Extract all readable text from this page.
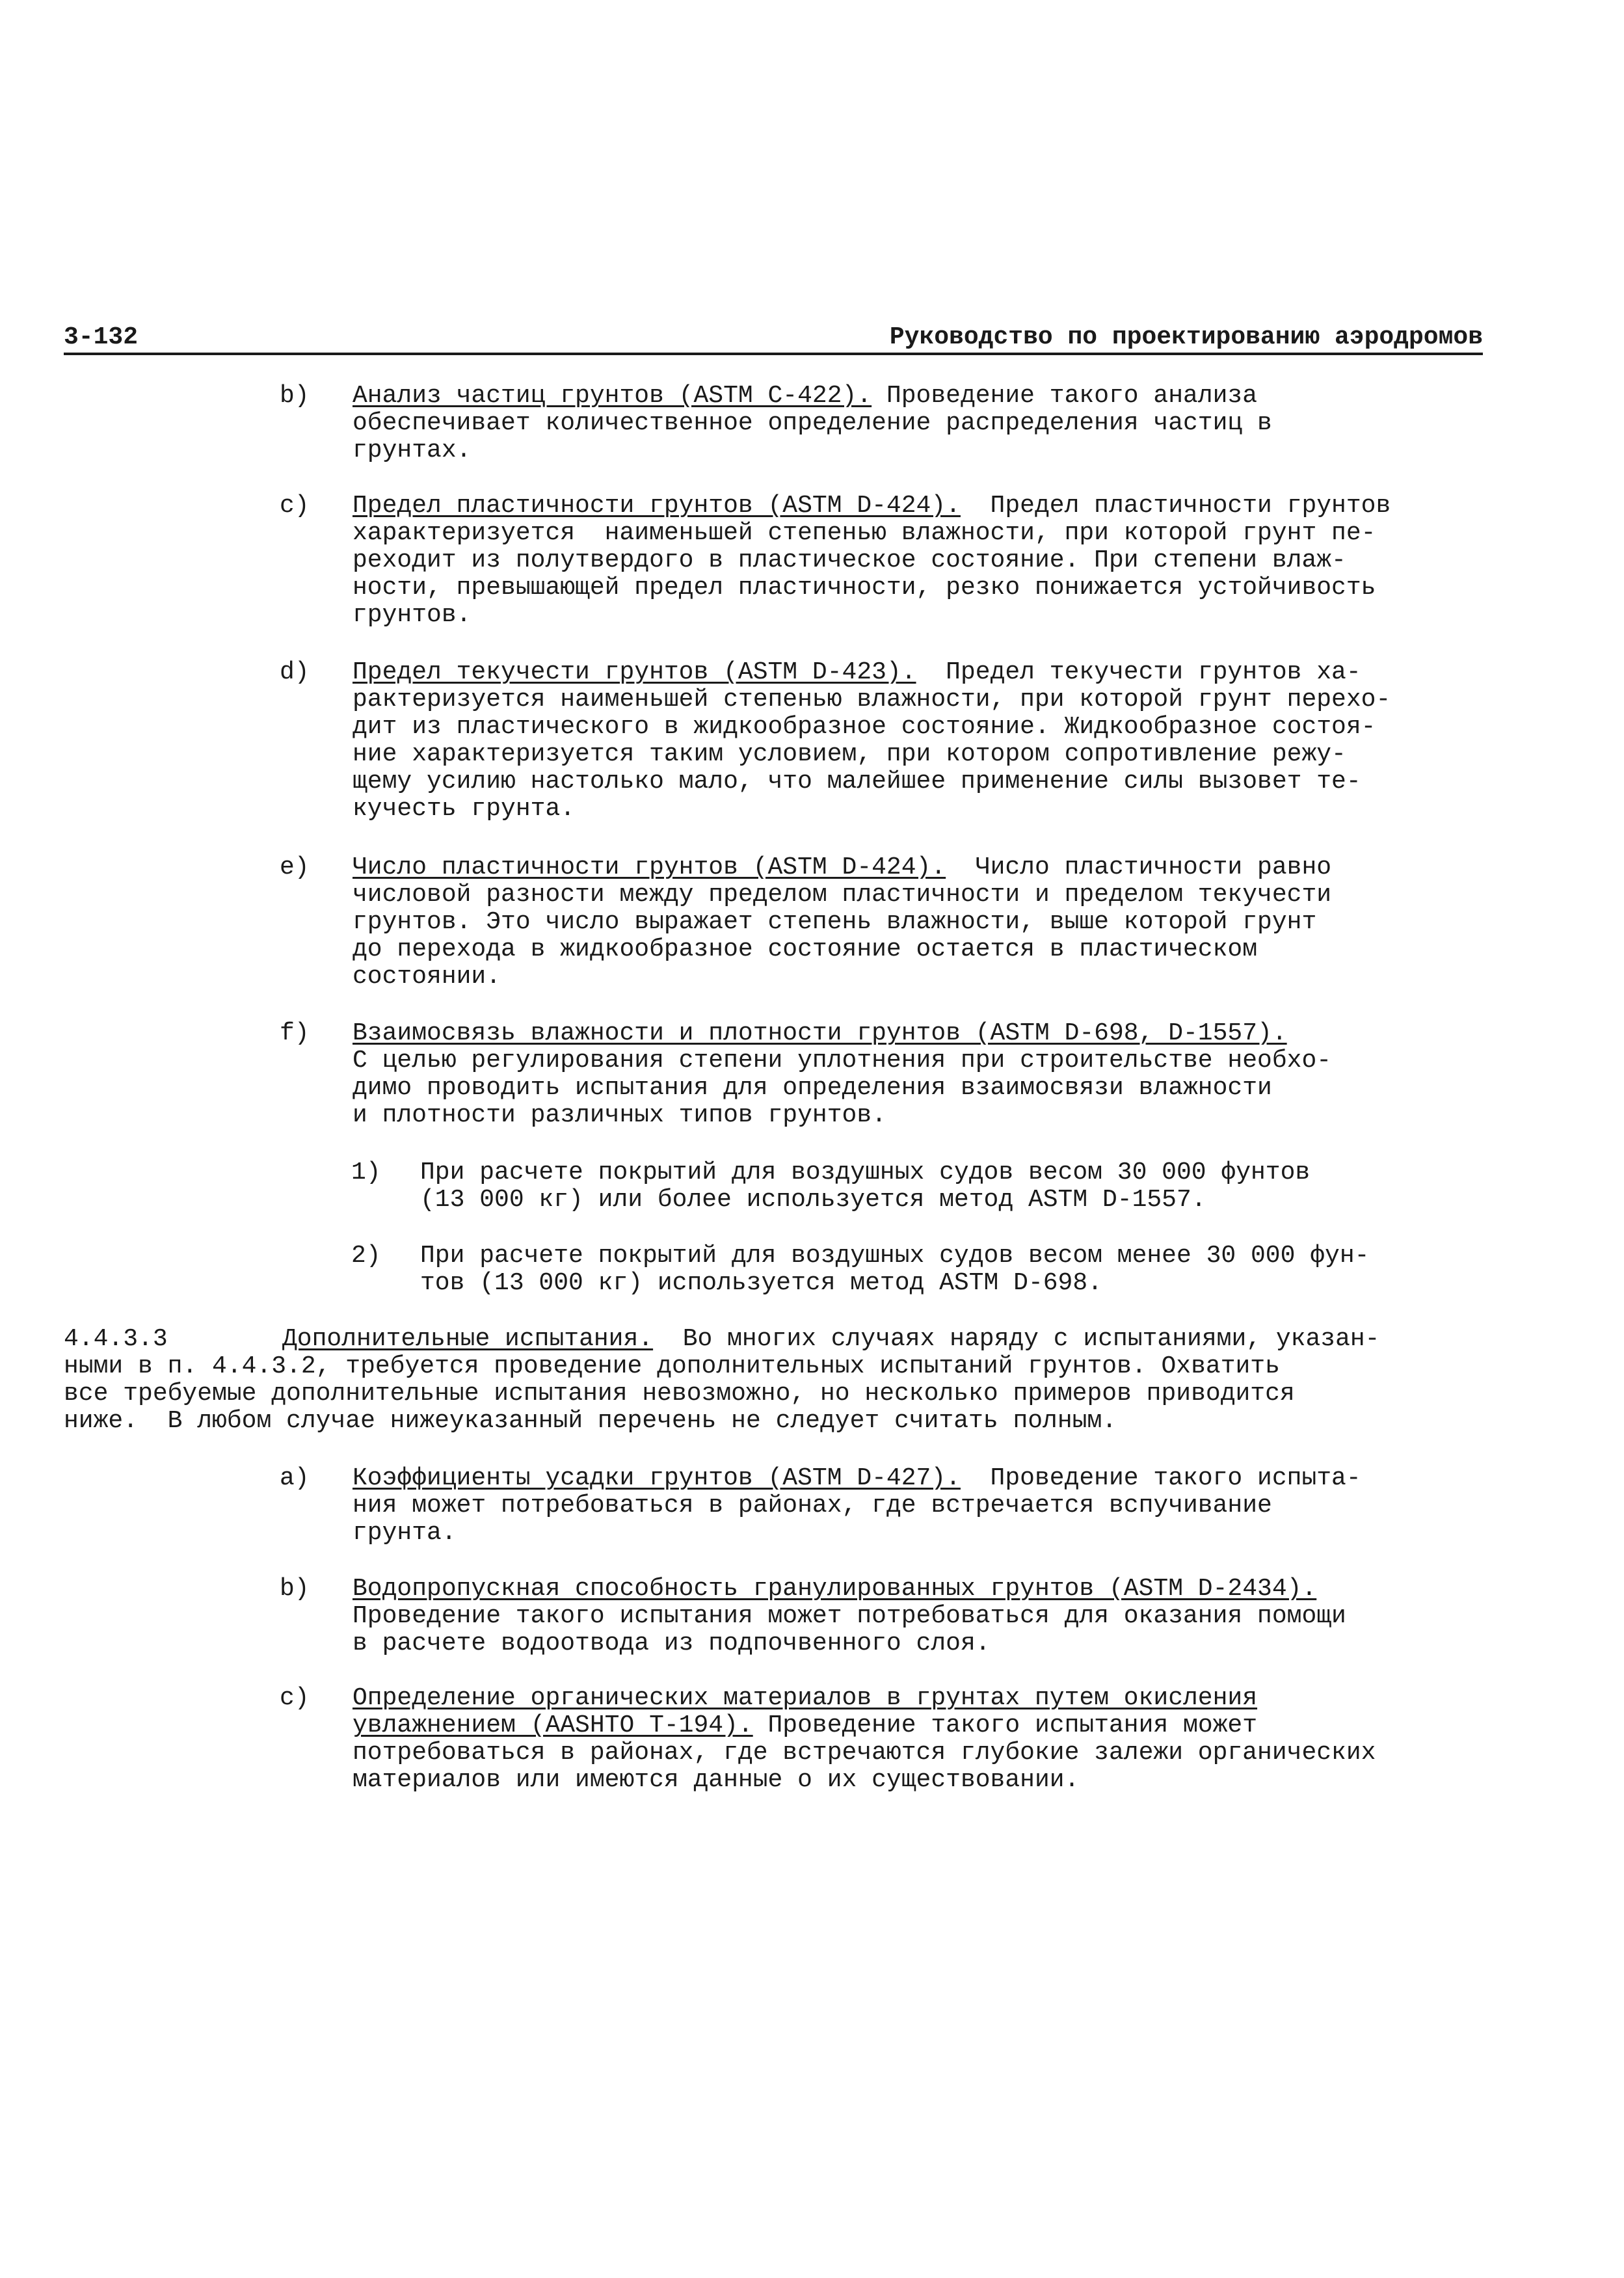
3-132	Руководство по проектированию аэродромов
b) Анализ частиц грунтов (ASTM C-422). Проведение такого анализа
обеспечивает количественное определение распределения частиц в
грунтах.
c) Предел пластичности грунтов (ASTM D-424).  Предел пластичности грунтов
характеризуется  наименьшей степенью влажности, при которой грунт пе-
реходит из полутвердого в пластическое состояние. При степени влаж-
ности, превышающей предел пластичности, резко понижается устойчивость
грунтов.
d) Предел текучести грунтов (ASTM D-423).  Предел текучести грунтов ха-
рактеризуется наименьшей степенью влажности, при которой грунт перехо-
дит из пластического в жидкообразное состояние. Жидкообразное состоя-
ние характеризуется таким условием, при котором сопротивление режу-
щему усилию настолько мало, что малейшее применение силы вызовет те-
кучесть грунта.
e) Число пластичности грунтов (ASTM D-424).  Число пластичности равно
числовой разности между пределом пластичности и пределом текучести
грунтов. Это число выражает степень влажности, выше которой грунт
до перехода в жидкообразное состояние остается в пластическом
состоянии.
f) Взаимосвязь влажности и плотности грунтов (ASTM D-698, D-1557).
С целью регулирования степени уплотнения при строительстве необхо-
димо проводить испытания для определения взаимосвязи влажности
и плотности различных типов грунтов.
1) При расчете покрытий для воздушных судов весом 30 000 фунтов
(13 000 кг) или более используется метод ASTM D-1557.
2) При расчете покрытий для воздушных судов весом менее 30 000 фун-
тов (13 000 кг) используется метод ASTM D-698.
4.4.3.3	Дополнительные испытания.  Во многих случаях наряду с испытаниями, указан-
ными в п. 4.4.3.2, требуется проведение дополнительных испытаний грунтов. Охватить
все требуемые дополнительные испытания невозможно, но несколько примеров приводится
ниже.  В любом случае нижеуказанный перечень не следует считать полным.
a) Коэффициенты усадки грунтов (ASTM D-427).  Проведение такого испыта-
ния может потребоваться в районах, где встречается вспучивание
грунта.
b) Водопропускная способность гранулированных грунтов (ASTM D-2434).
Проведение такого испытания может потребоваться для оказания помощи
в расчете водоотвода из подпочвенного слоя.
c) Определение органических материалов в грунтах путем окисления
увлажнением (AASHTO T-194). Проведение такого испытания может
потребоваться в районах, где встречаются глубокие залежи органических
материалов или имеются данные о их существовании.
